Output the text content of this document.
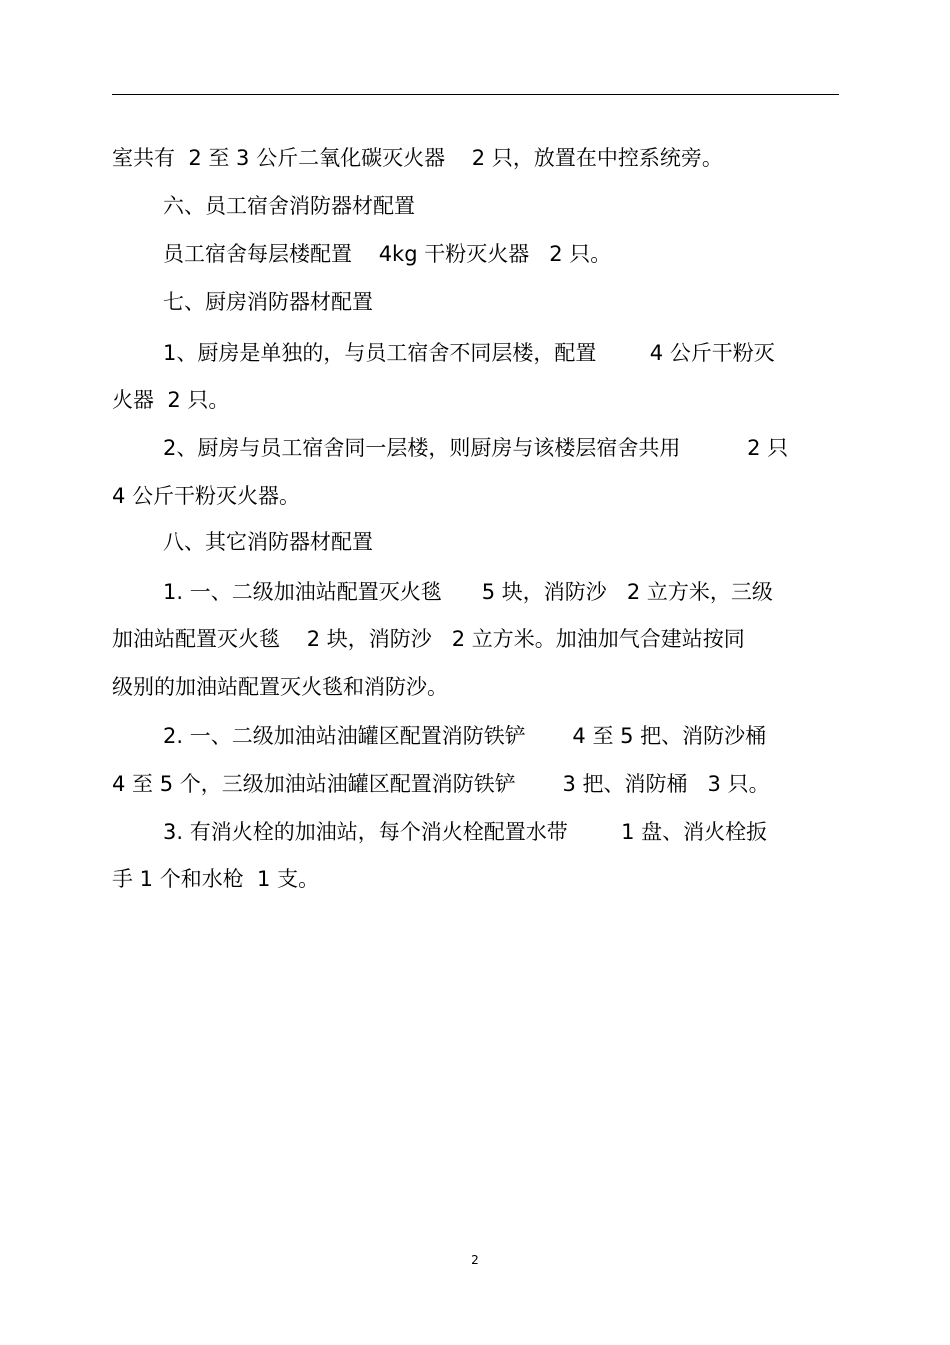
室共有  2 至 3 公斤二氧化碳灭火器    2 只，放置在中控系统旁。

六、员工宿舍消防器材配置

员工宿舍每层楼配置    4kg 干粉灭火器   2 只。

七、厨房消防器材配置

1、厨房是单独的，与员工宿舍不同层楼，配置        4 公斤干粉灭

火器  2 只。

2、厨房与员工宿舍同一层楼，则厨房与该楼层宿舍共用          2 只

4 公斤干粉灭火器。

八、其它消防器材配置

1. 一、二级加油站配置灭火毯      5 块，消防沙   2 立方米，三级

加油站配置灭火毯    2 块，消防沙   2 立方米。加油加气合建站按同

级别的加油站配置灭火毯和消防沙。

2. 一、二级加油站油罐区配置消防铁铲       4 至 5 把、消防沙桶

4 至 5 个，三级加油站油罐区配置消防铁铲       3 把、消防桶   3 只。

3. 有消火栓的加油站，每个消火栓配置水带        1 盘、消火栓扳

手 1 个和水枪  1 支。

2
